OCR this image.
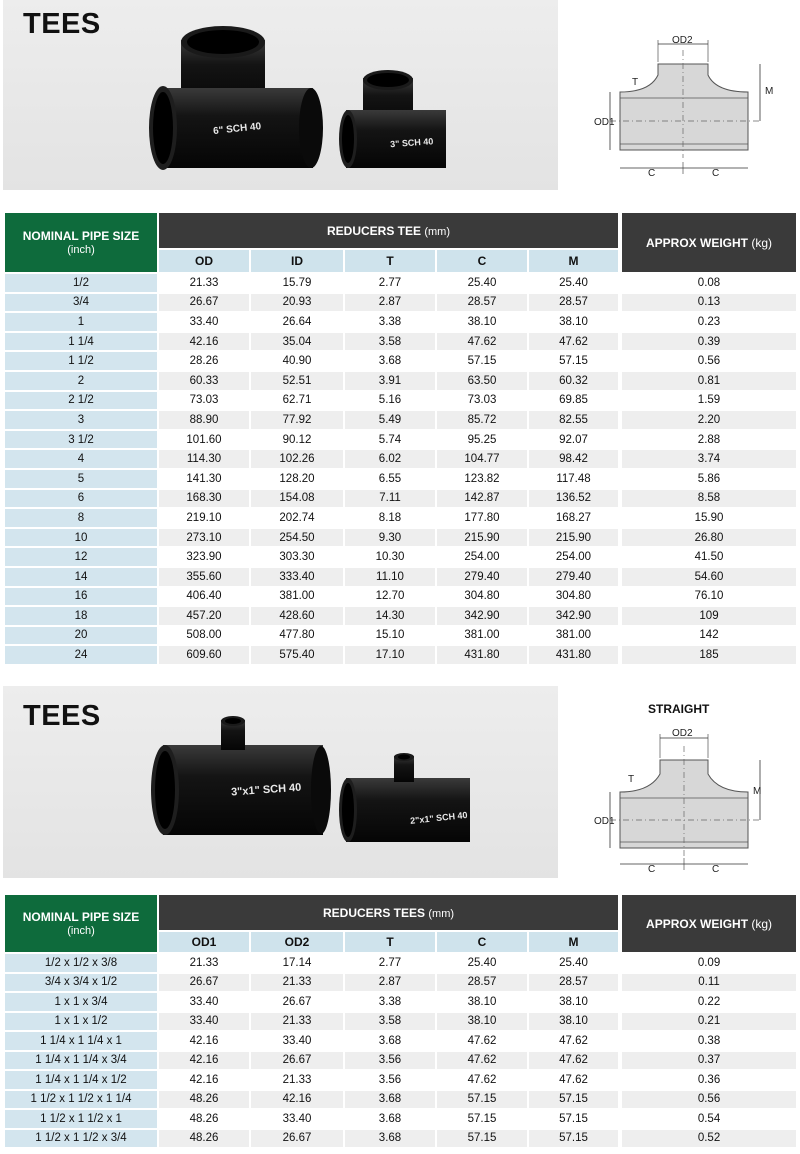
TEES
6" SCH 40
3" SCH 40
OD2
M
OD1
T
C	C
NOMINAL PIPE SIZE
(inch)	REDUCERS TEE (mm)					APPROX WEIGHT (kg)
	OD	ID	T	C	M	
1/2	21.33	15.79	2.77	25.40	25.40	0.08
3/4	26.67	20.93	2.87	28.57	28.57	0.13
1	33.40	26.64	3.38	38.10	38.10	0.23
1 1/4	42.16	35.04	3.58	47.62	47.62	0.39
1 1/2	28.26	40.90	3.68	57.15	57.15	0.56
2	60.33	52.51	3.91	63.50	60.32	0.81
2 1/2	73.03	62.71	5.16	73.03	69.85	1.59
3	88.90	77.92	5.49	85.72	82.55	2.20
3 1/2	101.60	90.12	5.74	95.25	92.07	2.88
4	114.30	102.26	6.02	104.77	98.42	3.74
5	141.30	128.20	6.55	123.82	117.48	5.86
6	168.30	154.08	7.11	142.87	136.52	8.58
8	219.10	202.74	8.18	177.80	168.27	15.90
10	273.10	254.50	9.30	215.90	215.90	26.80
12	323.90	303.30	10.30	254.00	254.00	41.50
14	355.60	333.40	11.10	279.40	279.40	54.60
16	406.40	381.00	12.70	304.80	304.80	76.10
18	457.20	428.60	14.30	342.90	342.90	109
20	508.00	477.80	15.10	381.00	381.00	142
24	609.60	575.40	17.10	431.80	431.80	185
TEES
3"x1" SCH 40
2"x1" SCH 40
STRAIGHT
OD2
M
OD1
T
C	C
NOMINAL PIPE SIZE
(inch)	REDUCERS TEES (mm)					APPROX WEIGHT (kg)
	OD1	OD2	T	C	M	
1/2 x 1/2 x 3/8	21.33	17.14	2.77	25.40	25.40	0.09
3/4 x 3/4 x 1/2	26.67	21.33	2.87	28.57	28.57	0.11
1 x 1 x 3/4	33.40	26.67	3.38	38.10	38.10	0.22
1 x 1 x 1/2	33.40	21.33	3.58	38.10	38.10	0.21
1 1/4 x 1 1/4 x 1	42.16	33.40	3.68	47.62	47.62	0.38
1 1/4 x 1 1/4 x 3/4	42.16	26.67	3.56	47.62	47.62	0.37
1 1/4 x 1 1/4 x 1/2	42.16	21.33	3.56	47.62	47.62	0.36
1 1/2 x 1 1/2 x 1 1/4	48.26	42.16	3.68	57.15	57.15	0.56
1 1/2 x 1 1/2 x 1	48.26	33.40	3.68	57.15	57.15	0.54
1 1/2 x 1 1/2 x 3/4	48.26	26.67	3.68	57.15	57.15	0.52
